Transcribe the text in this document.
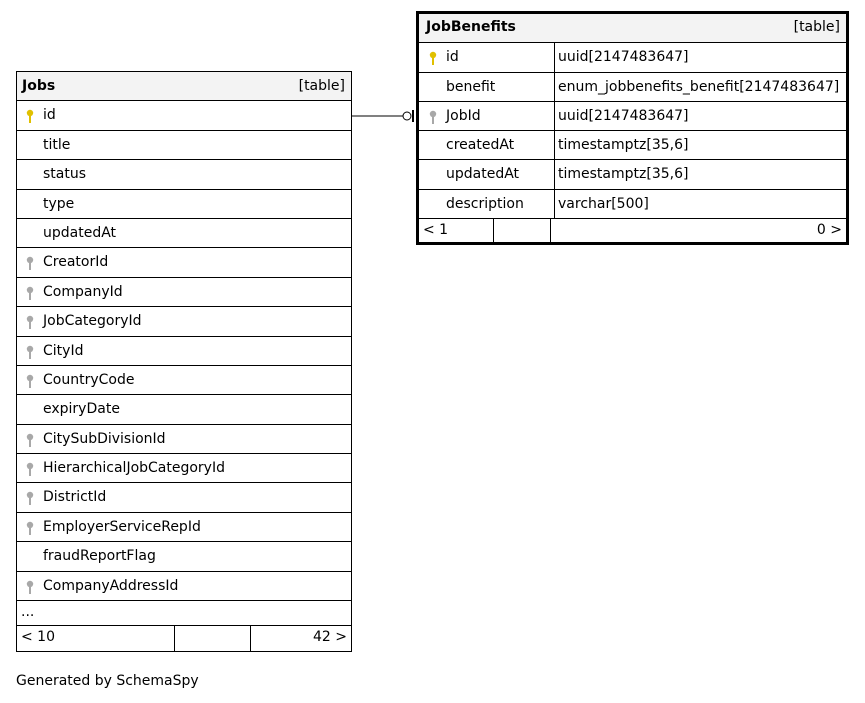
Jobs	[table]
id
title
status
type
updatedAt
CreatorId
CompanyId
JobCategoryId
CityId
CountryCode
expiryDate
CitySubDivisionId
HierarchicalJobCategoryId
DistrictId
EmployerServiceRepId
fraudReportFlag
CompanyAddressId
...
< 10	42 >
JobBenefits	[table]
id	uuid[2147483647]
benefit	enum_jobbenefits_benefit[2147483647]
JobId	uuid[2147483647]
createdAt	timestamptz[35,6]
updatedAt	timestamptz[35,6]
description varchar[500]
< 1	0 >
Generated by SchemaSpy
